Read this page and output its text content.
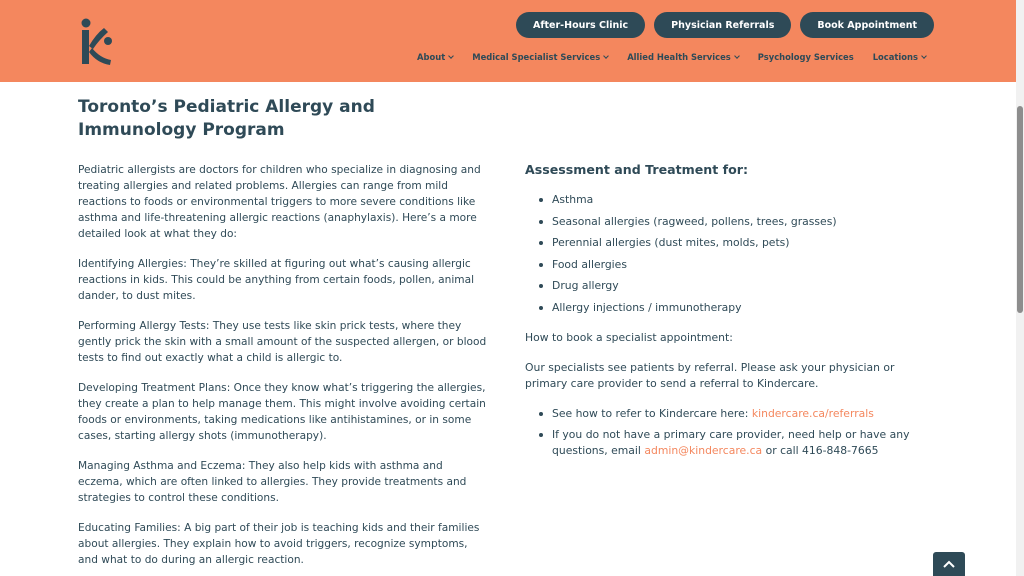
After-Hours Clinic	Physician Referrals	Book Appointment
About	Medical Specialist Services	Allied Health Services	Psychology Services Locations
Toronto’s Pediatric Allergy and Immunology Program

Pediatric allergists are doctors for children who specialize in diagnosing and treating allergies and related problems. Allergies can range from mild reactions to foods or environmental triggers to more severe conditions like asthma and life-threatening allergic reactions (anaphylaxis). Here’s a more detailed look at what they do:

Identifying Allergies: They’re skilled at figuring out what’s causing allergic reactions in kids. This could be anything from certain foods, pollen, animal dander, to dust mites.

Performing Allergy Tests: They use tests like skin prick tests, where they gently prick the skin with a small amount of the suspected allergen, or blood tests to find out exactly what a child is allergic to.

Developing Treatment Plans: Once they know what’s triggering the allergies, they create a plan to help manage them. This might involve avoiding certain foods or environments, taking medications like antihistamines, or in some cases, starting allergy shots (immunotherapy).

Managing Asthma and Eczema: They also help kids with asthma and eczema, which are often linked to allergies. They provide treatments and strategies to control these conditions.

Educating Families: A big part of their job is teaching kids and their families about allergies. They explain how to avoid triggers, recognize symptoms, and what to do during an allergic reaction.

Assessment and Treatment for:
Asthma
Seasonal allergies (ragweed, pollens, trees, grasses)
Perennial allergies (dust mites, molds, pets)
Food allergies
Drug allergy
Allergy injections / immunotherapy

How to book a specialist appointment:

Our specialists see patients by referral. Please ask your physician or primary care provider to send a referral to Kindercare.

See how to refer to Kindercare here: kindercare.ca/referrals
If you do not have a primary care provider, need help or have any questions, email admin@kindercare.ca or call 416-848-7665
